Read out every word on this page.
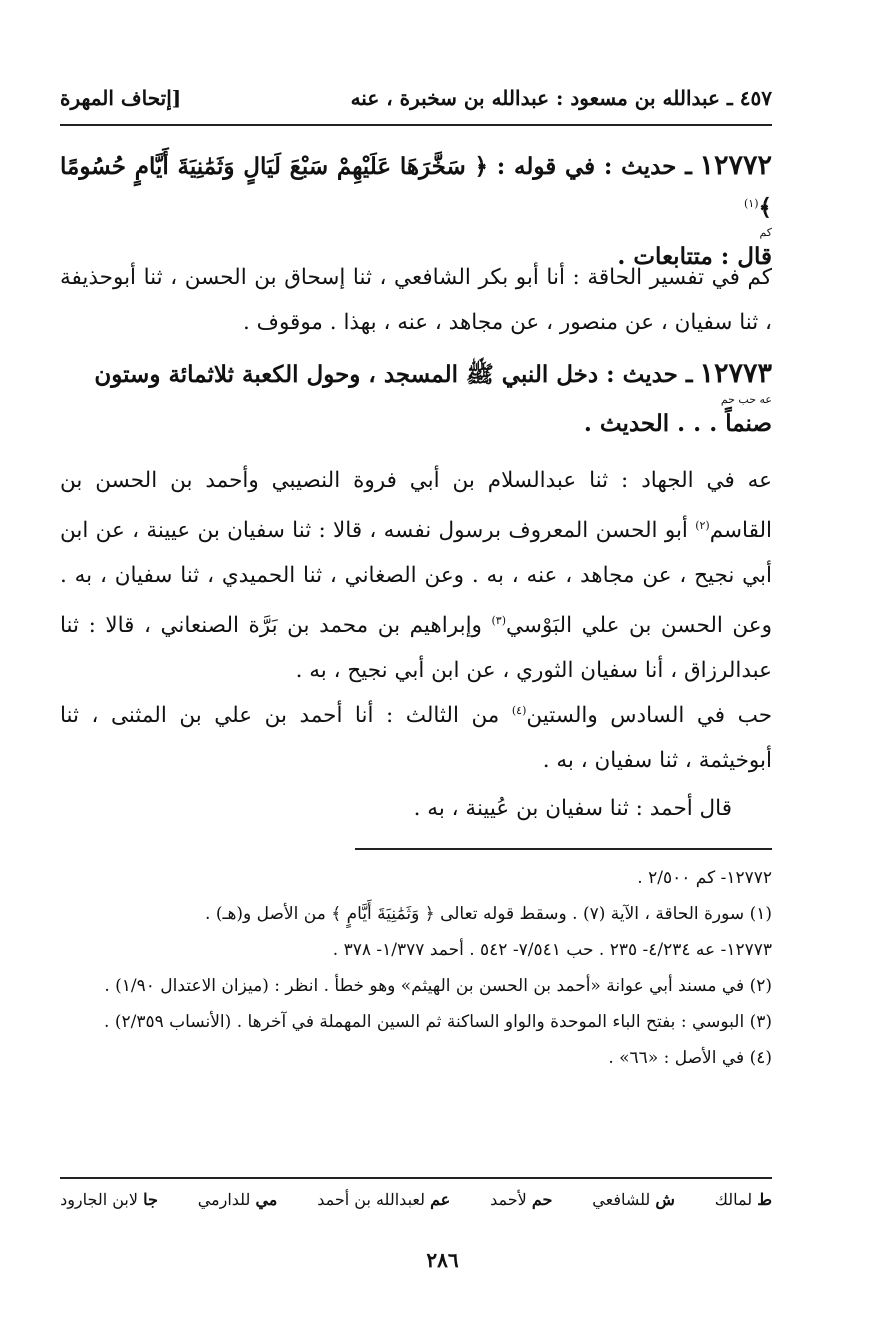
٤٥٧ ـ عبدالله بن مسعود : عبدالله بن سخبرة ، عنه
[إتحاف المهرة
١٢٧٧٢ ـ حديث : في قوله : ﴿ سَخَّرَهَا عَلَيْهِمْ سَبْعَ لَيَالٍ وَثَمَٰنِيَةَ أَيَّامٍ حُسُومًا ﴾$^{(١)}$
كم
قال : متتابعات .
كم في تفسير الحاقة : أنا أبو بكر الشافعي ، ثنا إسحاق بن الحسن ، ثنا أبوحذيفة ، ثنا سفيان ، عن منصور ، عن مجاهد ، عنه ، بهذا . موقوف .
١٢٧٧٣ ـ حديث : دخل النبي ﷺ المسجد ، وحول الكعبة ثلاثمائة وستون
عه حب حم
صنماً . . . الحديث .
عه في الجهاد : ثنا عبدالسلام بن أبي فروة النصيبي وأحمد بن الحسن بن القاسم$^{(٢)}$ أبو الحسن المعروف برسول نفسه ، قالا : ثنا سفيان بن عيينة ، عن ابن أبي نجيح ، عن مجاهد ، عنه ، به . وعن الصغاني ، ثنا الحميدي ، ثنا سفيان ، به . وعن الحسن بن علي البَوْسي$^{(٣)}$ وإبراهيم بن محمد بن بَرَّة الصنعاني ، قالا : ثنا عبدالرزاق ، أنا سفيان الثوري ، عن ابن أبي نجيح ، به .
حب في السادس والستين$^{(٤)}$ من الثالث : أنا أحمد بن علي بن المثنى ، ثنا أبوخيثمة ، ثنا سفيان ، به .
قال أحمد : ثنا سفيان بن عُيينة ، به .

١٢٧٧٢- كم ٢/٥٠٠ .

(١) سورة الحاقة ، الآية (٧) . وسقط قوله تعالى ﴿ وَثَمَٰنِيَةَ أَيَّامٍ ﴾ من الأصل و(هـ) .

١٢٧٧٣- عه ٤/٢٣٤- ٢٣٥ . حب ٧/٥٤١- ٥٤٢ . أحمد ١/٣٧٧- ٣٧٨ .

(٢) في مسند أبي عوانة «أحمد بن الحسن بن الهيثم» وهو خطأ . انظر : (ميزان الاعتدال ١/٩٠) .

(٣) البوسي : بفتح الباء الموحدة والواو الساكنة ثم السين المهملة في آخرها . (الأنساب ٢/٣٥٩) .

(٤) في الأصل : «٦٦» .

ط لمالك
ش للشافعي
حم لأحمد
عم لعبدالله بن أحمد
مي للدارمي
جا لابن الجارود
٢٨٦
